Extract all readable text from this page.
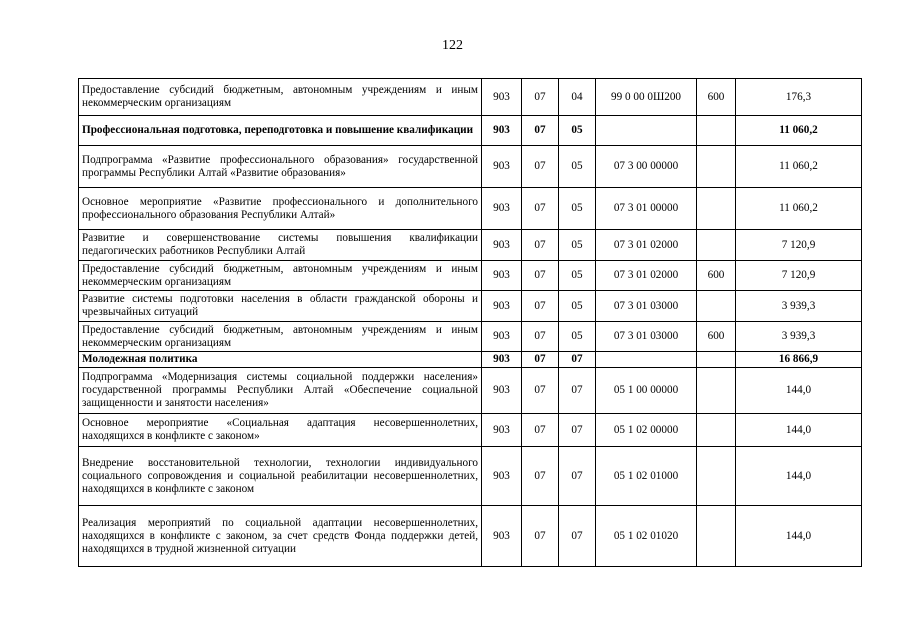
122
Предоставление субсидий бюджетным, автономным учреждениям и иным некоммерческим организациям	903	07	04	99 0 00 0Ш200	600	176,3
Профессиональная подготовка, переподготовка и повышение квалификации	903	07	05			11 060,2
Подпрограмма «Развитие профессионального образования» государственной программы Республики Алтай «Развитие образования»	903	07	05	07 3 00 00000		11 060,2
Основное мероприятие «Развитие профессионального и дополнительного профессионального образования Республики Алтай»	903	07	05	07 3 01 00000		11 060,2
Развитие и совершенствование системы повышения квалификации педагогических работников Республики Алтай	903	07	05	07 3 01 02000		7 120,9
Предоставление субсидий бюджетным, автономным учреждениям и иным некоммерческим организациям	903	07	05	07 3 01 02000	600	7 120,9
Развитие системы подготовки населения в области гражданской обороны и чрезвычайных ситуаций	903	07	05	07 3 01 03000		3 939,3
Предоставление субсидий бюджетным, автономным учреждениям и иным некоммерческим организациям	903	07	05	07 3 01 03000	600	3 939,3
Молодежная политика	903	07	07			16 866,9
Подпрограмма «Модернизация системы социальной поддержки населения» государственной программы Республики Алтай «Обеспечение социальной защищенности и занятости населения»	903	07	07	05 1 00 00000		144,0
Основное мероприятие «Социальная адаптация несовершеннолетних, находящихся в конфликте с законом»	903	07	07	05 1 02 00000		144,0
Внедрение восстановительной технологии, технологии индивидуального социального сопровождения и социальной реабилитации несовершеннолетних, находящихся в конфликте с законом	903	07	07	05 1 02 01000		144,0
Реализация мероприятий по социальной адаптации несовершеннолетних, находящихся в конфликте с законом, за счет средств Фонда поддержки детей, находящихся в трудной жизненной ситуации	903	07	07	05 1 02 01020		144,0
